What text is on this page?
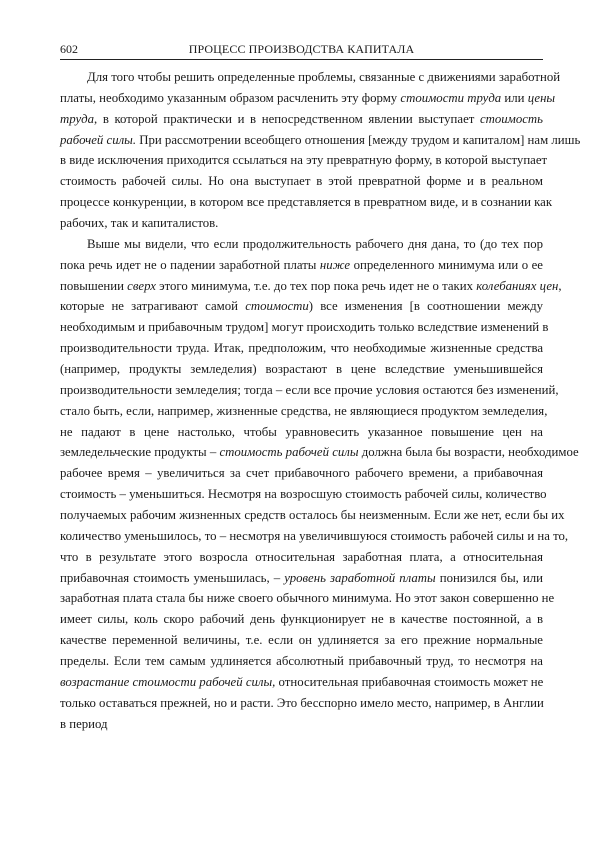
602	ПРОЦЕСС ПРОИЗВОДСТВА КАПИТАЛА
Для того чтобы решить определенные проблемы, связанные с движениями заработной
платы, необходимо указанным образом расчленить эту форму стоимости труда или цены
труда, в которой практически и в непосредственном явлении выступает стоимость
рабочей силы. При рассмотрении всеобщего отношения [между трудом и капиталом] нам лишь
в виде исключения приходится ссылаться на эту превратную форму, в которой выступает
стоимость рабочей силы. Но она выступает в этой превратной форме и в реальном
процессе конкуренции, в котором все представляется в превратном виде, и в сознании как
рабочих, так и капиталистов.
Выше мы видели, что если продолжительность рабочего дня дана, то (до тех пор
пока речь идет не о падении заработной платы ниже определенного минимума или о ее
повышении сверх этого минимума, т.е. до тех пор пока речь идет не о таких колебаниях цен,
которые не затрагивают самой стоимости) все изменения [в соотношении между
необходимым и прибавочным трудом] могут происходить только вследствие изменений в
производительности труда. Итак, предположим, что необходимые жизненные средства
(например, продукты земледелия) возрастают в цене вследствие уменьшившейся
производительности земледелия; тогда – если все прочие условия остаются без изменений,
стало быть, если, например, жизненные средства, не являющиеся продуктом земледелия,
не падают в цене настолько, чтобы уравновесить указанное повышение цен на
земледельческие продукты – стоимость рабочей силы должна была бы возрасти, необходимое
рабочее время – увеличиться за счет прибавочного рабочего времени, а прибавочная
стоимость – уменьшиться. Несмотря на возросшую стоимость рабочей силы, количество
получаемых рабочим жизненных средств осталось бы неизменным. Если же нет, если бы их
количество уменьшилось, то – несмотря на увеличившуюся стоимость рабочей силы и на то,
что в результате этого возросла относительная заработная плата, а относительная
прибавочная стоимость уменьшилась, – уровень заработной платы понизился бы, или
заработная плата стала бы ниже своего обычного минимума. Но этот закон совершенно не
имеет силы, коль скоро рабочий день функционирует не в качестве постоянной, а в
качестве переменной величины, т.е. если он удлиняется за его прежние нормальные
пределы. Если тем самым удлиняется абсолютный прибавочный труд, то несмотря на
возрастание стоимости рабочей силы, относительная прибавочная стоимость может не
только оставаться прежней, но и расти. Это бесспорно имело место, например, в Англии
в период
